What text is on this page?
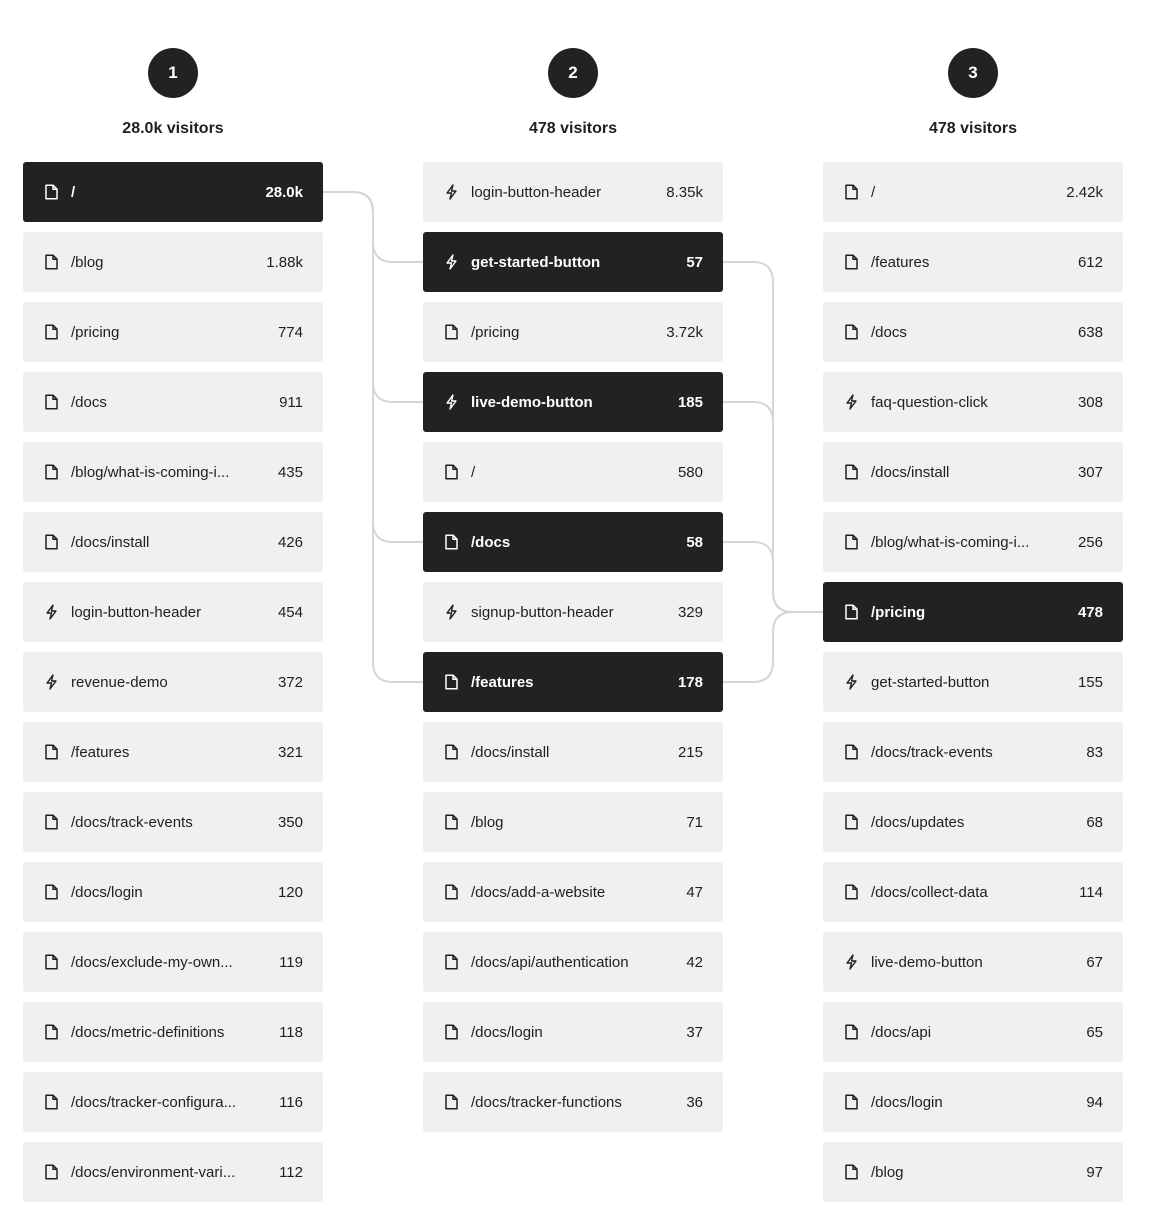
1
28.0k visitors
/	28.0k
/blog	1.88k
/pricing	774
/docs	911
/blog/what-is-coming-i...	435
/docs/install	426
login-button-header	454
revenue-demo	372
/features	321
/docs/track-events	350
/docs/login	120
/docs/exclude-my-own...	119
/docs/metric-definitions	118
/docs/tracker-configura...	116
/docs/environment-vari...	112
2
478 visitors
login-button-header	8.35k
get-started-button	57
/pricing	3.72k
live-demo-button	185
/	580
/docs	58
signup-button-header	329
/features	178
/docs/install	215
/blog	71
/docs/add-a-website	47
/docs/api/authentication	42
/docs/login	37
/docs/tracker-functions	36
3
478 visitors
/	2.42k
/features	612
/docs	638
faq-question-click	308
/docs/install	307
/blog/what-is-coming-i...	256
/pricing	478
get-started-button	155
/docs/track-events	83
/docs/updates	68
/docs/collect-data	114
live-demo-button	67
/docs/api	65
/docs/login	94
/blog	97
